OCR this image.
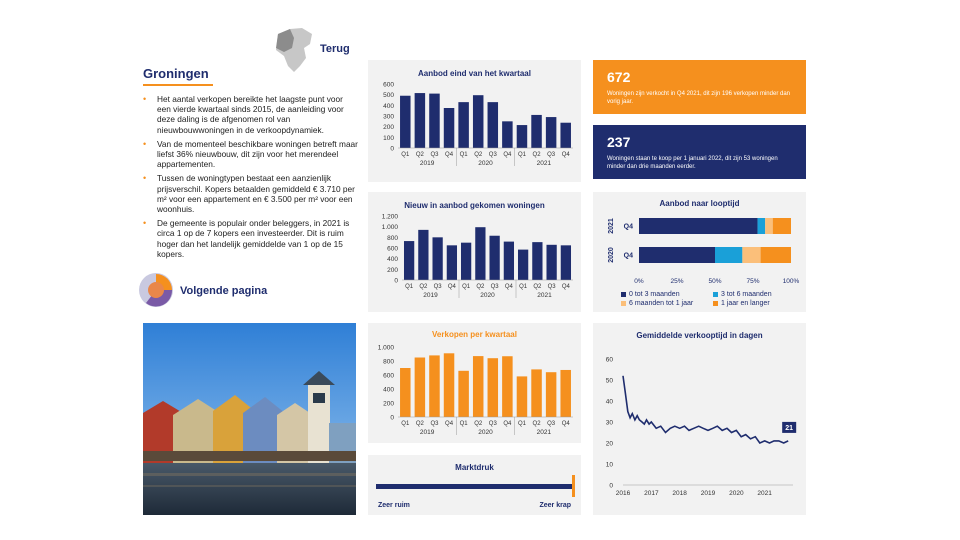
Terug
Groningen
• Het aantal verkopen bereikte het laagste punt voor een vierde kwartaal sinds 2015, de aanleiding voor deze daling is de afgenomen rol van nieuwbouwwoningen in de verkoopdynamiek.
• Van de momenteel beschikbare woningen betreft maar liefst 36% nieuwbouw, dit zijn voor het merendeel appartementen.
• Tussen de woningtypen bestaat een aanzienlijk prijsverschil. Kopers betaalden gemiddeld € 3.710 per m² voor een appartement en € 3.500 per m² voor een woonhuis.
• De gemeente is populair onder beleggers, in 2021 is circa 1 op de 7 kopers een investeerder. Dit is ruim hoger dan het landelijk gemiddelde van 1 op de 15 kopers.
Volgende pagina
Aanbod eind van het kwartaal
0
100
200
300
400
500
600
Q1 Q2 Q3 Q4 Q1 Q2 Q3 Q4 Q1 Q2 Q3 Q4
2019	2020	2021
Nieuw in aanbod gekomen woningen
0
200
400
600
800
1.000
1.200
Q1 Q2 Q3 Q4 Q1 Q2 Q3 Q4 Q1 Q2 Q3 Q4
2019	2020	2021
Verkopen per kwartaal
0
200
400
600
800
1.000
Q1 Q2 Q3 Q4 Q1 Q2 Q3 Q4 Q1 Q2 Q3 Q4
2019	2020	2021
Marktdruk
Zeer ruim	Zeer krap
672
Woningen zijn verkocht in Q4 2021, dit zijn 196 verkopen minder dan vorig jaar.
237
Woningen staan te koop per 1 januari 2022, dit zijn 53 woningen minder dan drie maanden eerder.
Aanbod naar looptijd
Q4
2021
Q4
2020
0%	25%	50%	75%	100%
0 tot 3 maanden	3 tot 6 maanden
6 maanden tot 1 jaar	1 jaar en langer
Gemiddelde verkooptijd in dagen
0
10
20
30
40
50
60
2016 2017 2018 2019 2020 2021
21
